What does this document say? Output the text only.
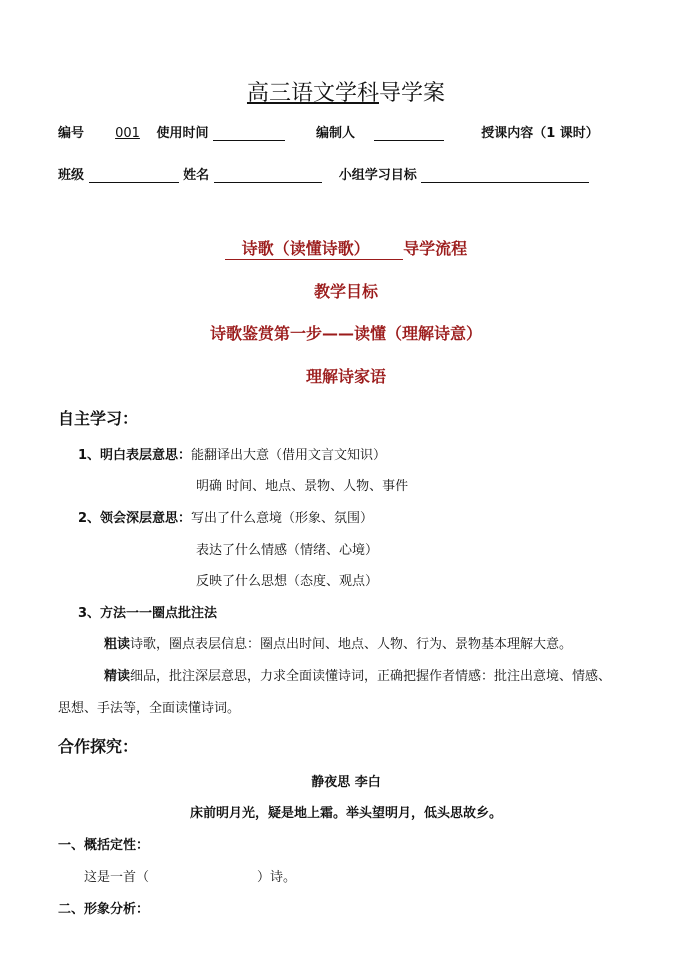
高三语文学科导学案
编号 001 使用时间	编制人	授课内容（1 课时）
班级	姓名	小组学习目标
诗歌（读懂诗歌） 导学流程
教学目标
诗歌鉴赏第一步——读懂（理解诗意）
理解诗家语
自主学习：
1、明白表层意思：能翻译出大意（借用文言文知识）
明确 时间、地点、景物、人物、事件
2、领会深层意思：写出了什么意境（形象、氛围）
表达了什么情感（情绪、心境）
反映了什么思想（态度、观点）
3、方法一一圈点批注法
粗读诗歌，圈点表层信息：圈点出时间、地点、人物、行为、景物基本理解大意。
精读细品，批注深层意思，力求全面读懂诗词，正确把握作者情感：批注出意境、情感、
思想、手法等，全面读懂诗词。
合作探究：
静夜思 李白
床前明月光，疑是地上霜。举头望明月，低头思故乡。
一、概括定性：
这是一首（	）诗。
二、形象分析：
